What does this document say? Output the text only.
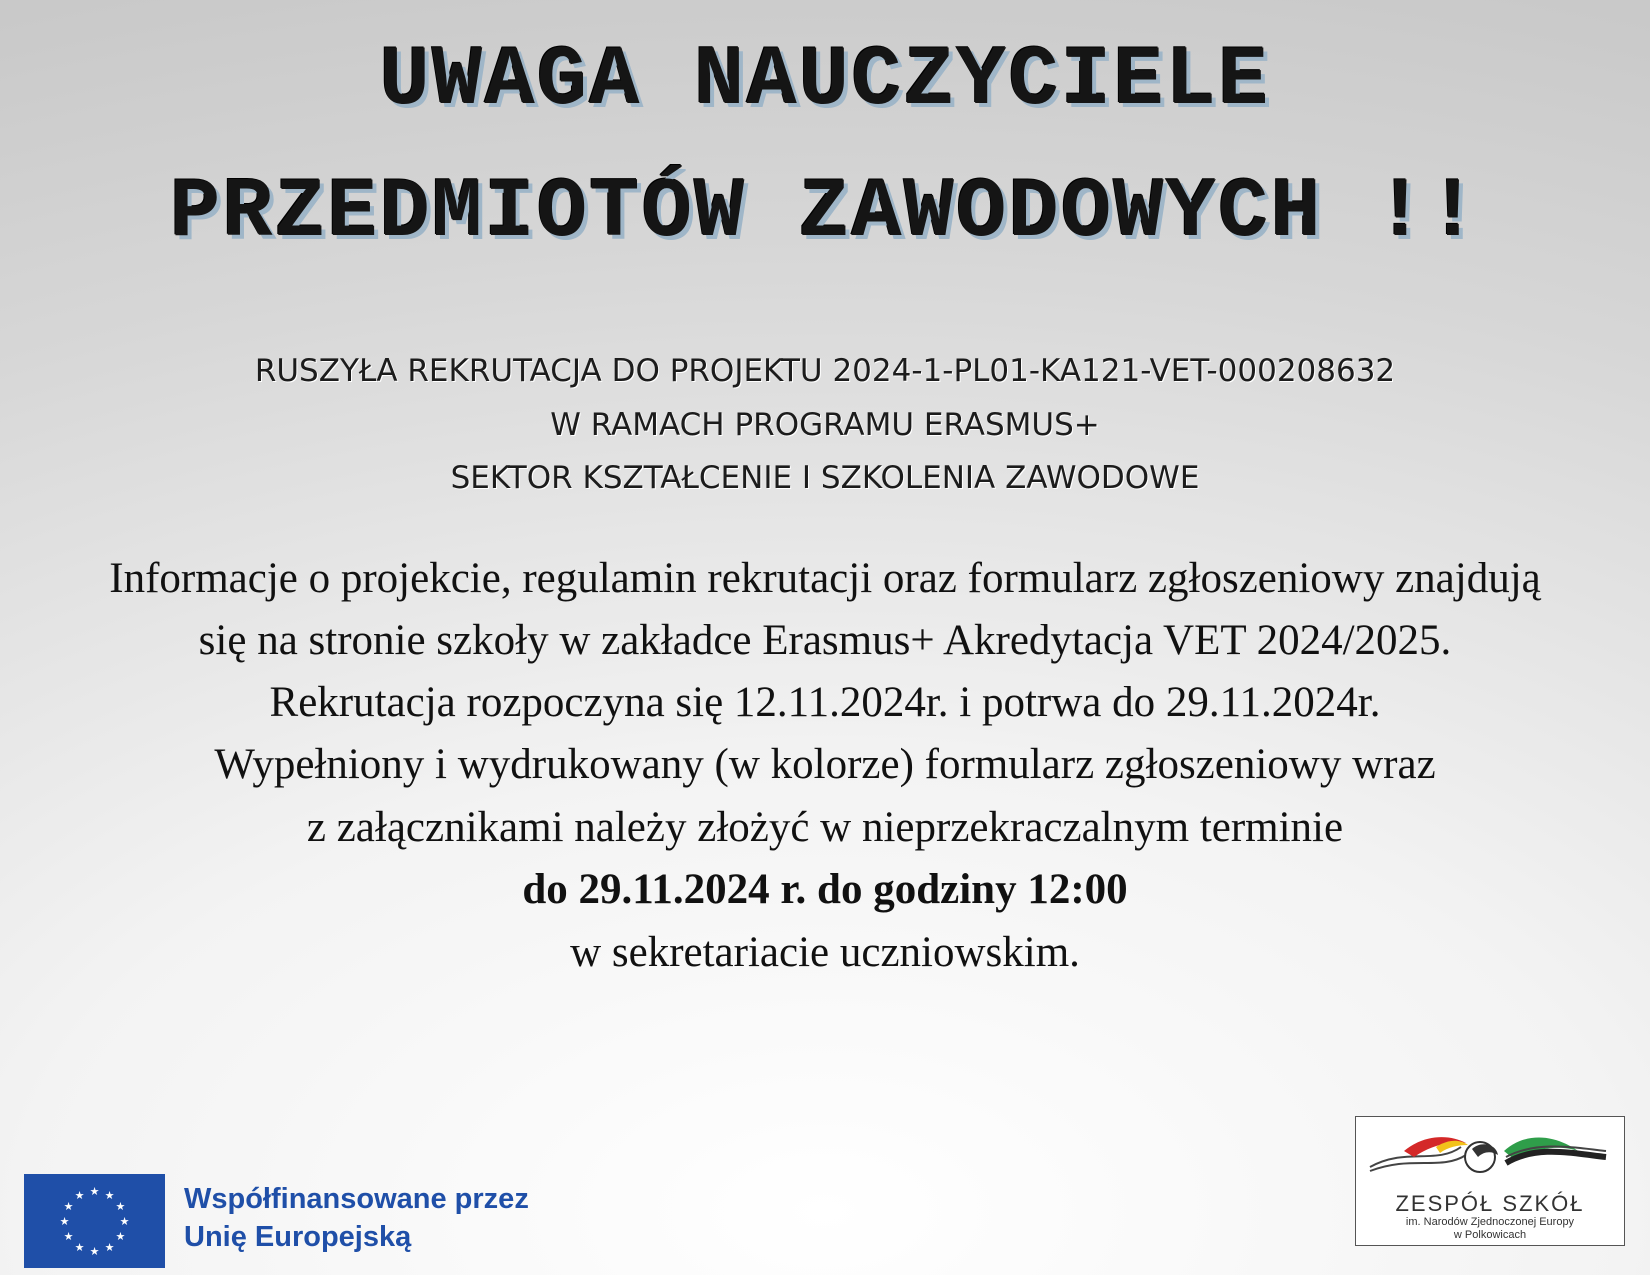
UWAGA NAUCZYCIELE
PRZEDMIOTÓW ZAWODOWYCH !!
RUSZYŁA REKRUTACJA DO PROJEKTU 2024-1-PL01-KA121-VET-000208632
W RAMACH PROGRAMU ERASMUS+
SEKTOR KSZTAŁCENIE I SZKOLENIA ZAWODOWE
Informacje o projekcie, regulamin rekrutacji oraz formularz zgłoszeniowy znajdują
się na stronie szkoły w zakładce Erasmus+ Akredytacja VET 2024/2025.
Rekrutacja rozpoczyna się 12.11.2024r. i potrwa do 29.11.2024r.
Wypełniony i wydrukowany (w kolorze) formularz zgłoszeniowy wraz
z załącznikami należy złożyć w nieprzekraczalnym terminie
do 29.11.2024 r. do godziny 12:00
w sekretariacie uczniowskim.
★ ★
★
★
★
★
★
★
★
★
★
★	Współfinansowane przez
Unię Europejską
ZESPÓŁ SZKÓŁ
im. Narodów Zjednoczonej Europy
w Polkowicach
